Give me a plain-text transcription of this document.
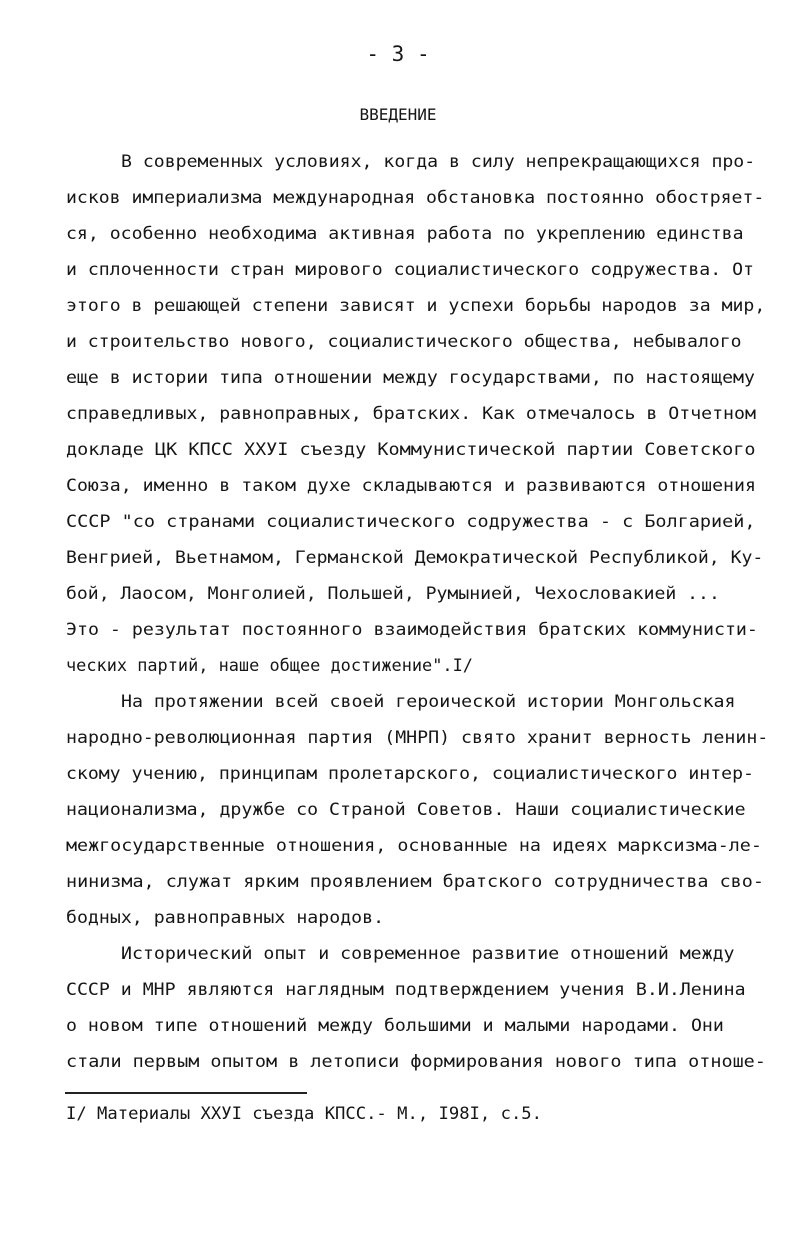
- 3 -
ВВЕДЕНИЕ
В современных условиях, когда в силу непрекращающихся про-
исков империализма международная обстановка постоянно обостряет-
ся, особенно необходима активная работа по укреплению единства
и сплоченности стран мирового социалистического содружества. От
этого в решающей степени зависят и успехи борьбы народов за мир,
и строительство нового, социалистического общества, небывалого
еще в истории типа отношении между государствами, по настоящему
справедливых, равноправных, братских. Как отмечалось в Отчетном
докладе ЦК КПСС XXУI съезду Коммунистической партии Советского
Союза, именно в таком духе складываются и развиваются отношения
СССР "со странами социалистического содружества - с Болгарией,
Венгрией, Вьетнамом, Германской Демократической Республикой, Ку-
бой, Лаосом, Монголией, Польшей, Румынией, Чехословакией ...
Это - результат постоянного взаимодействия братских коммунисти-
ческих партий, наше общее достижение".I/
На протяжении всей своей героической истории Монгольская
народно-революционная партия (МНРП) свято хранит верность ленин-
скому учению, принципам пролетарского, социалистического интер-
национализма, дружбе со Страной Советов. Наши социалистические
межгосударственные отношения, основанные на идеях марксизма-ле-
нинизма, служат ярким проявлением братского сотрудничества сво-
бодных, равноправных народов.
Исторический опыт и современное развитие отношений между
СССР и МНР являются наглядным подтверждением учения В.И.Ленина
о новом типе отношений между большими и малыми народами. Они
стали первым опытом в летописи формирования нового типа отноше-
I/ Материалы XXУI съезда КПСС.- М., I98I, с.5.
